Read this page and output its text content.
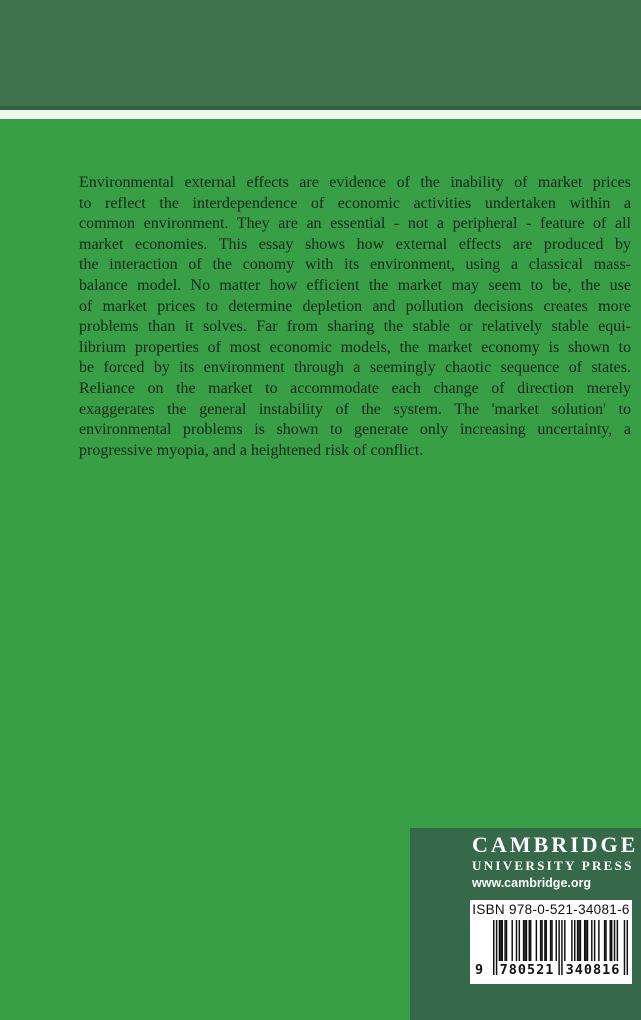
Environmental external effects are evidence of the inability of market prices
to reflect the interdependence of economic activities undertaken within a
common environment. They are an essential - not a peripheral - feature of all
market economies. This essay shows how external effects are produced by
the interaction of the conomy with its environment, using a classical mass-
balance model. No matter how efficient the market may seem to be, the use
of market prices to determine depletion and pollution decisions creates more
problems than it solves. Far from sharing the stable or relatively stable equi-
librium properties of most economic models, the market economy is shown to
be forced by its environment through a seemingly chaotic sequence of states.
Reliance on the market to accommodate each change of direction merely
exaggerates the general instability of the system. The 'market solution' to
environmental problems is shown to generate only increasing uncertainty, a
progressive myopia, and a heightened risk of conflict.
CAMBRIDGE
UNIVERSITY PRESS
www.cambridge.org
ISBN 978-0-521-34081-6
9 780521 340816
